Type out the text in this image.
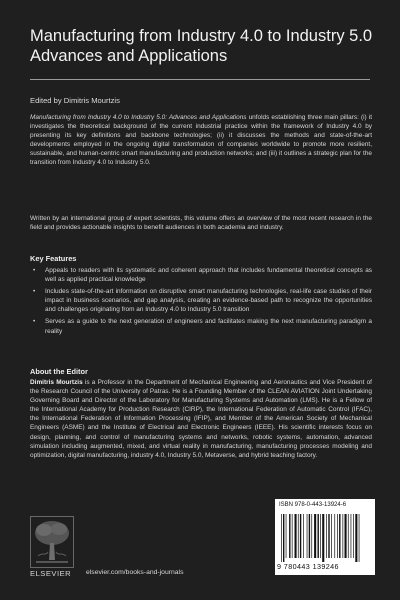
Manufacturing from Industry 4.0 to Industry 5.0
Advances and Applications
Edited by Dimitris Mourtzis
Manufacturing from Industry 4.0 to Industry 5.0: Advances and Applications unfolds establishing three main pillars: (i) it investigates the theoretical background of the current industrial practice within the framework of Industry 4.0 by presenting its key definitions and backbone technologies; (ii) it discusses the methods and state-of-the-art developments employed in the ongoing digital transformation of companies worldwide to promote more resilient, sustainable, and human-centric smart manufacturing and production networks; and (iii) it outlines a strategic plan for the transition from Industry 4.0 to Industry 5.0.
Written by an international group of expert scientists, this volume offers an overview of the most recent research in the field and provides actionable insights to benefit audiences in both academia and industry.
Key Features
• Appeals to readers with its systematic and coherent approach that includes fundamental theoretical concepts as well as applied practical knowledge
• Includes state-of-the-art information on disruptive smart manufacturing technologies, real-life case studies of their impact in business scenarios, and gap analysis, creating an evidence-based path to recognize the opportunities and challenges originating from an Industry 4.0 to Industry 5.0 transition
• Serves as a guide to the next generation of engineers and facilitates making the next manufacturing paradigm a reality
About the Editor
Dimitris Mourtzis is a Professor in the Department of Mechanical Engineering and Aeronautics and Vice President of the Research Council of the University of Patras. He is a Founding Member of the CLEAN AVIATION Joint Undertaking Governing Board and Director of the Laboratory for Manufacturing Systems and Automation (LMS). He is a Fellow of the International Academy for Production Research (CIRP), the International Federation of Automatic Control (IFAC), the International Federation of Information Processing (IFIP), and Member of the American Society of Mechanical Engineers (ASME) and the Institute of Electrical and Electronic Engineers (IEEE). His scientific interests focus on design, planning, and control of manufacturing systems and networks, robotic systems, automation, advanced simulation including augmented, mixed, and virtual reality in manufacturing, manufacturing processes modeling and optimization, digital manufacturing, industry 4.0, Industry 5.0, Metaverse, and hybrid teaching factory.
ELSEVIER elsevier.com/books-and-journals
ISBN 978-0-443-13924-6
9 780443 139246
